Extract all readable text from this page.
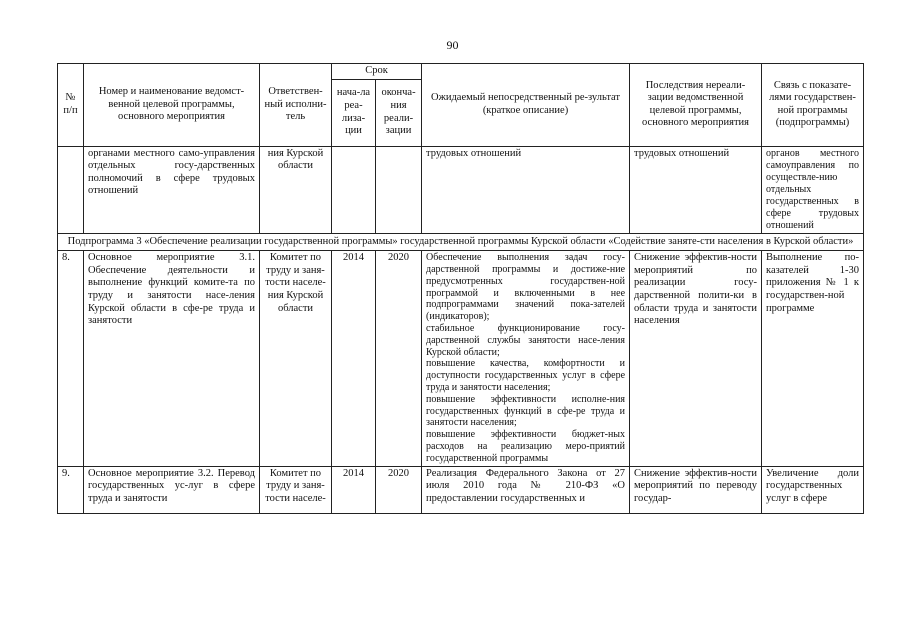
90
№ п/п	Номер и наименование ведомст-венной целевой программы, основного мероприятия	Ответствен-ный исполни-тель	Срок		Ожидаемый непосредственный ре-зультат (краткое описание)	Последствия нереали-зации ведомственной целевой программы, основного мероприятия	Связь с показате-лями государствен-ной программы (подпрограммы)
			нача-ла реа-лиза-ции	оконча-ния реали-зации			
	органами местного само-управления отдельных госу-дарственных полномочий в сфере трудовых отношений	ния Курской области			трудовых отношений	трудовых отношений	органов местного самоуправления по осуществле-нию отдельных государственных в сфере трудовых отношений
Подпрограмма 3 «Обеспечение реализации государственной программы» государственной программы Курской области «Содействие заняте-сти населения в Курской области»							
8.	Основное мероприятие 3.1. Обеспечение деятельности и выполнение функций комите-та по труду и занятости насе-ления Курской области в сфе-ре труда и занятости	Комитет по труду и заня-тости населе-ния Курской области	2014	2020	Обеспечение выполнения задач госу-дарственной программы и достиже-ние предусмотренных государствен-ной программой и включенными в нее подпрограммами значений пока-зателей (индикаторов);
стабильное функционирование госу-дарственной службы занятости насе-ления Курской области;
повышение качества, комфортности и доступности государственных услуг в сфере труда и занятости населения;
повышение эффективности исполне-ния государственных функций в сфе-ре труда и занятости населения;
повышение эффективности бюджет-ных расходов на реализацию меро-приятий государственной программы	Снижение эффектив-ности мероприятий по реализации госу-дарственной полити-ки в области труда и занятости населения	Выполнение по-казателей 1-30 приложения № 1 к государствен-ной программе
9.	Основное мероприятие 3.2. Перевод государственных ус-луг в сфере труда и занятости	Комитет по труду и заня-тости населе-	2014	2020	Реализация Федерального Закона от 27 июля 2010 года № 210-ФЗ «О предоставлении государственных и	Снижение эффектив-ности мероприятий по переводу государ-	Увеличение доли государственных услуг в сфере
